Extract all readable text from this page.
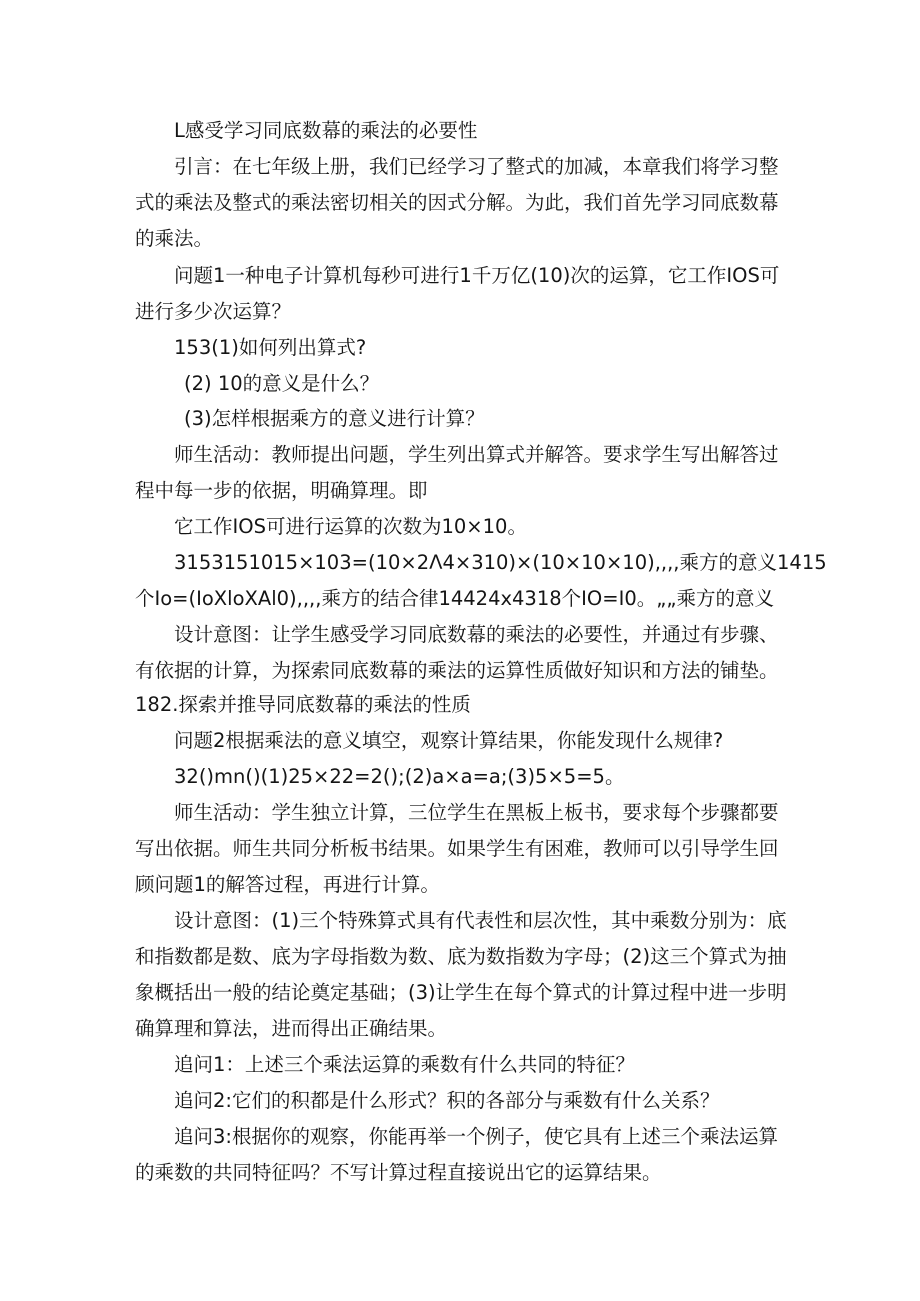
L感受学习同底数幕的乘法的必要性
引言：在七年级上册，我们已经学习了整式的加减，本章我们将学习整
式的乘法及整式的乘法密切相关的因式分解。为此，我们首先学习同底数幕
的乘法。
问题1一种电子计算机每秒可进行1千万亿(10)次的运算，它工作IOS可
进行多少次运算？
153(1)如何列出算式?
(2) 10的意义是什么？
(3)怎样根据乘方的意义进行计算？
师生活动：教师提出问题，学生列出算式并解答。要求学生写出解答过
程中每一步的依据，明确算理。即
它工作IOS可进行运算的次数为10×10。
3153151015×103=(10×2Λ4×310)×(10×10×10),,,,乘方的意义1415
个Io=(IoXloXAl0),,,,乘方的结合律14424x4318个IO=I0。„„乘方的意义
设计意图：让学生感受学习同底数幕的乘法的必要性，并通过有步骤、
有依据的计算，为探索同底数幕的乘法的运算性质做好知识和方法的铺垫。
182.探索并推导同底数幕的乘法的性质
问题2根据乘法的意义填空，观察计算结果，你能发现什么规律?
32()mn()(1)25×22=2();(2)a×a=a;(3)5×5=5。
师生活动：学生独立计算，三位学生在黑板上板书，要求每个步骤都要
写出依据。师生共同分析板书结果。如果学生有困难，教师可以引导学生回
顾问题1的解答过程，再进行计算。
设计意图：(1)三个特殊算式具有代表性和层次性，其中乘数分别为：底
和指数都是数、底为字母指数为数、底为数指数为字母；(2)这三个算式为抽
象概括出一般的结论奠定基础；(3)让学生在每个算式的计算过程中进一步明
确算理和算法，进而得出正确结果。
追问1：上述三个乘法运算的乘数有什么共同的特征？
追问2:它们的积都是什么形式？积的各部分与乘数有什么关系？
追问3:根据你的观察，你能再举一个例子，使它具有上述三个乘法运算
的乘数的共同特征吗？不写计算过程直接说出它的运算结果。
